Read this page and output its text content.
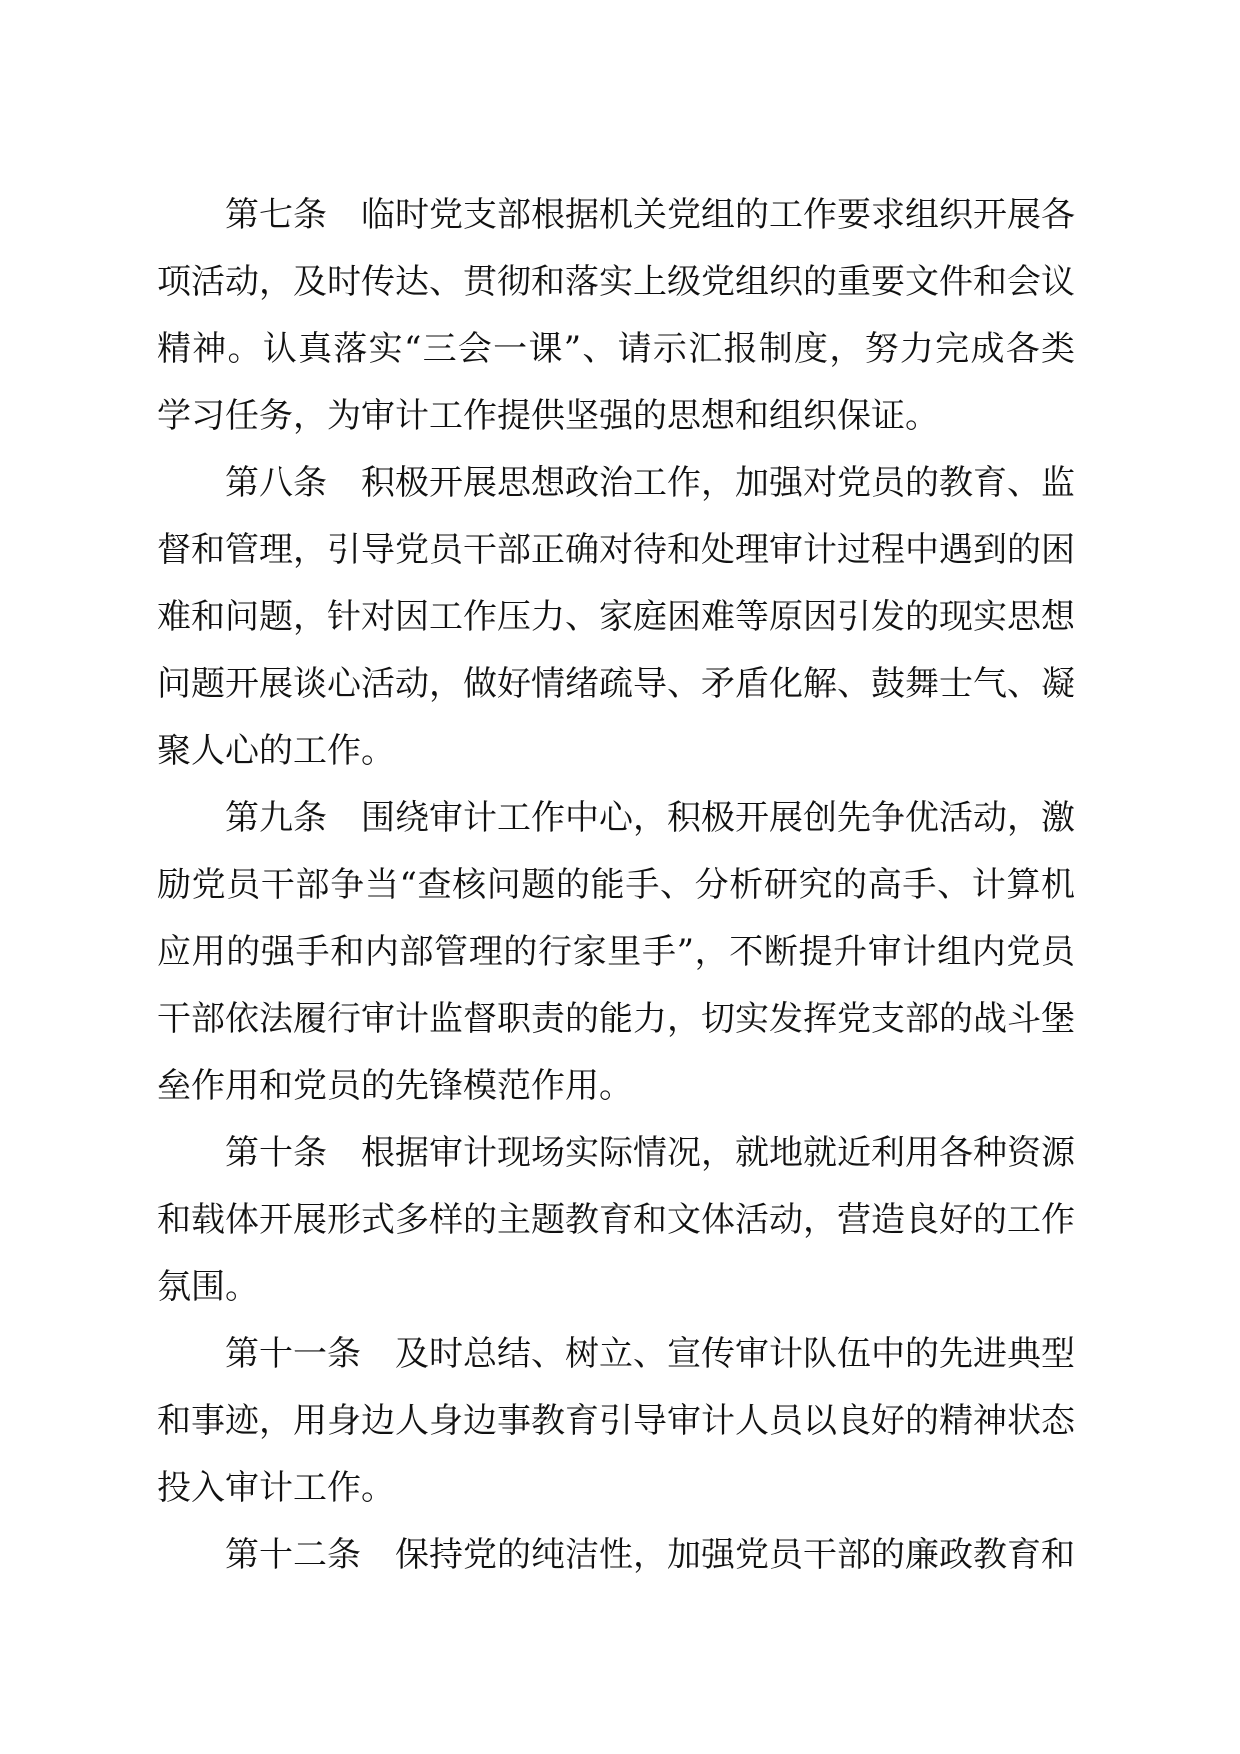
第七条　临时党支部根据机关党组的工作要求组织开展各
项活动，及时传达、贯彻和落实上级党组织的重要文件和会议
精神。认真落实“三会一课”、请示汇报制度，努力完成各类
学习任务，为审计工作提供坚强的思想和组织保证。
第八条　积极开展思想政治工作，加强对党员的教育、监
督和管理，引导党员干部正确对待和处理审计过程中遇到的困
难和问题，针对因工作压力、家庭困难等原因引发的现实思想
问题开展谈心活动，做好情绪疏导、矛盾化解、鼓舞士气、凝
聚人心的工作。
第九条　围绕审计工作中心，积极开展创先争优活动，激
励党员干部争当“查核问题的能手、分析研究的高手、计算机
应用的强手和内部管理的行家里手”，不断提升审计组内党员
干部依法履行审计监督职责的能力，切实发挥党支部的战斗堡
垒作用和党员的先锋模范作用。
第十条　根据审计现场实际情况，就地就近利用各种资源
和载体开展形式多样的主题教育和文体活动，营造良好的工作
氛围。
第十一条　及时总结、树立、宣传审计队伍中的先进典型
和事迹，用身边人身边事教育引导审计人员以良好的精神状态
投入审计工作。
第十二条　保持党的纯洁性，加强党员干部的廉政教育和
